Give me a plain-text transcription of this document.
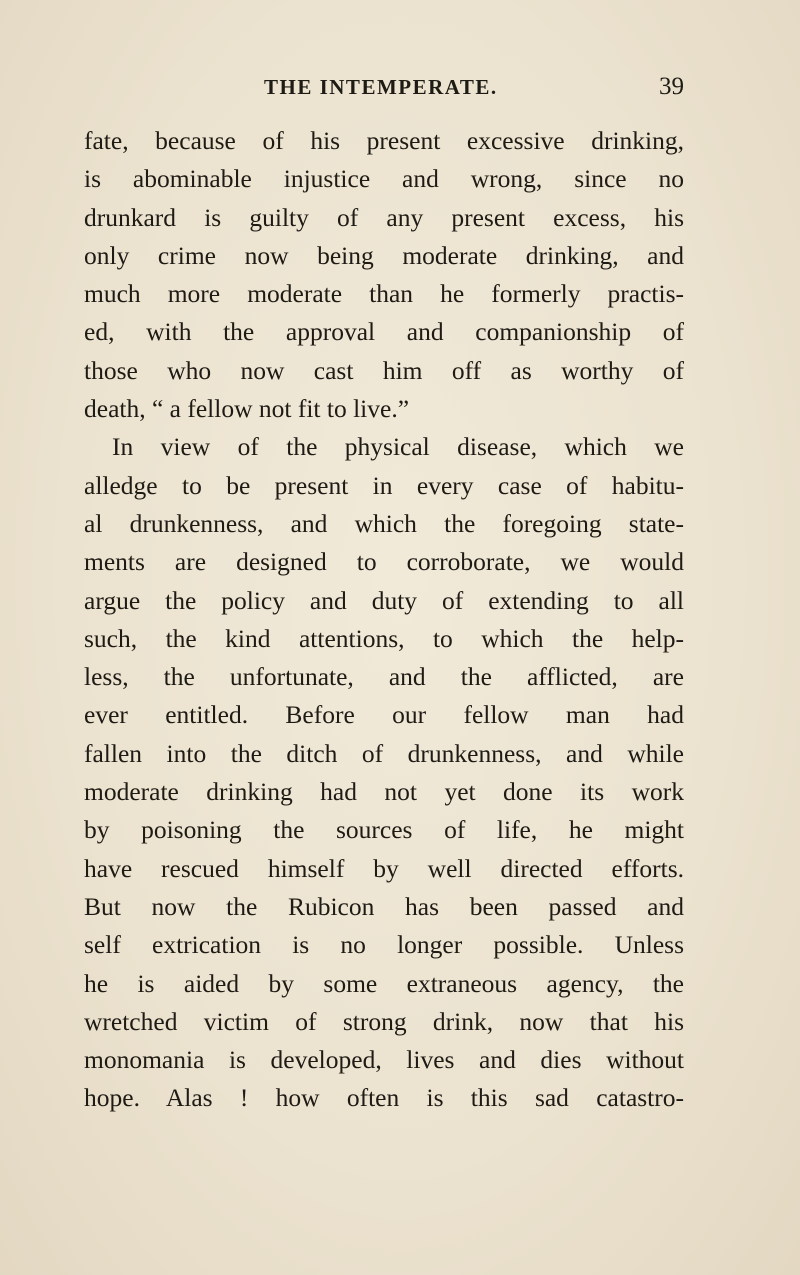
THE INTEMPERATE.	39
fate, because of his present excessive drinking,
is abominable injustice and wrong, since no
drunkard is guilty of any present excess, his
only crime now being moderate drinking, and
much more moderate than he formerly practis-
ed, with the approval and companionship of
those who now cast him off as worthy of
death, “ a fellow not fit to live.”
In view of the physical disease, which we
alledge to be present in every case of habitu-
al drunkenness, and which the foregoing state-
ments are designed to corroborate, we would
argue the policy and duty of extending to all
such, the kind attentions, to which the help-
less, the unfortunate, and the afflicted, are
ever entitled. Before our fellow man had
fallen into the ditch of drunkenness, and while
moderate drinking had not yet done its work
by poisoning the sources of life, he might
have rescued himself by well directed efforts.
But now the Rubicon has been passed and
self extrication is no longer possible. Unless
he is aided by some extraneous agency, the
wretched victim of strong drink, now that his
monomania is developed, lives and dies without
hope. Alas ! how often is this sad catastro-
